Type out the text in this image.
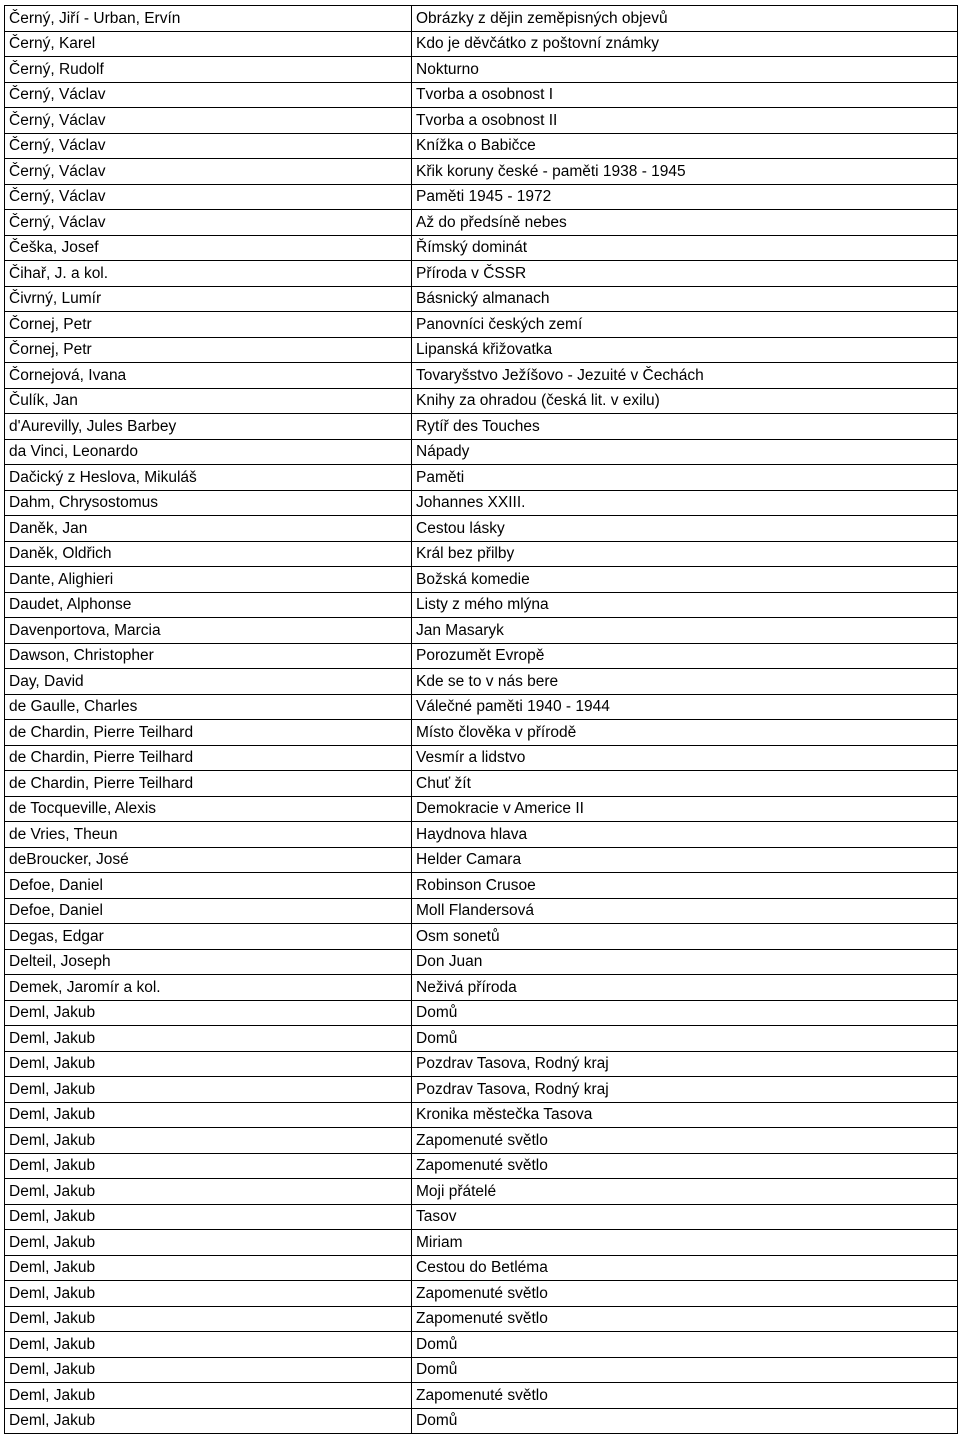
Černý, Jiří - Urban, Ervín	Obrázky z dějin zeměpisných objevů
Černý, Karel	Kdo je děvčátko z poštovní známky
Černý, Rudolf	Nokturno
Černý, Václav	Tvorba a osobnost I
Černý, Václav	Tvorba a osobnost II
Černý, Václav	Knížka o Babičce
Černý, Václav	Křik koruny české - paměti 1938 - 1945
Černý, Václav	Paměti 1945 - 1972
Černý, Václav	Až do předsíně nebes
Češka, Josef	Římský dominát
Čihař, J. a kol.	Příroda v ČSSR
Čivrný, Lumír	Básnický almanach
Čornej, Petr	Panovníci českých zemí
Čornej, Petr	Lipanská křižovatka
Čornejová, Ivana	Tovaryšstvo Ježíšovo - Jezuité v Čechách
Čulík, Jan	Knihy za ohradou (česká lit. v exilu)
d'Aurevilly, Jules Barbey	Rytíř des Touches
da Vinci, Leonardo	Nápady
Dačický z Heslova, Mikuláš	Paměti
Dahm, Chrysostomus	Johannes XXIII.
Daněk, Jan	Cestou lásky
Daněk, Oldřich	Král bez přilby
Dante, Alighieri	Božská komedie
Daudet, Alphonse	Listy z mého mlýna
Davenportova, Marcia	Jan Masaryk
Dawson, Christopher	Porozumět Evropě
Day, David	Kde se to v nás bere
de Gaulle, Charles	Válečné paměti 1940 - 1944
de Chardin, Pierre Teilhard	Místo člověka v přírodě
de Chardin, Pierre Teilhard	Vesmír a lidstvo
de Chardin, Pierre Teilhard	Chuť žít
de Tocqueville, Alexis	Demokracie v Americe II
de Vries, Theun	Haydnova hlava
deBroucker, José	Helder Camara
Defoe, Daniel	Robinson Crusoe
Defoe, Daniel	Moll Flandersová
Degas, Edgar	Osm sonetů
Delteil, Joseph	Don Juan
Demek, Jaromír a kol.	Neživá příroda
Deml, Jakub	Domů
Deml, Jakub	Domů
Deml, Jakub	Pozdrav Tasova, Rodný kraj
Deml, Jakub	Pozdrav Tasova, Rodný kraj
Deml, Jakub	Kronika městečka Tasova
Deml, Jakub	Zapomenuté světlo
Deml, Jakub	Zapomenuté světlo
Deml, Jakub	Moji přátelé
Deml, Jakub	Tasov
Deml, Jakub	Miriam
Deml, Jakub	Cestou do Betléma
Deml, Jakub	Zapomenuté světlo
Deml, Jakub	Zapomenuté světlo
Deml, Jakub	Domů
Deml, Jakub	Domů
Deml, Jakub	Zapomenuté světlo
Deml, Jakub	Domů
